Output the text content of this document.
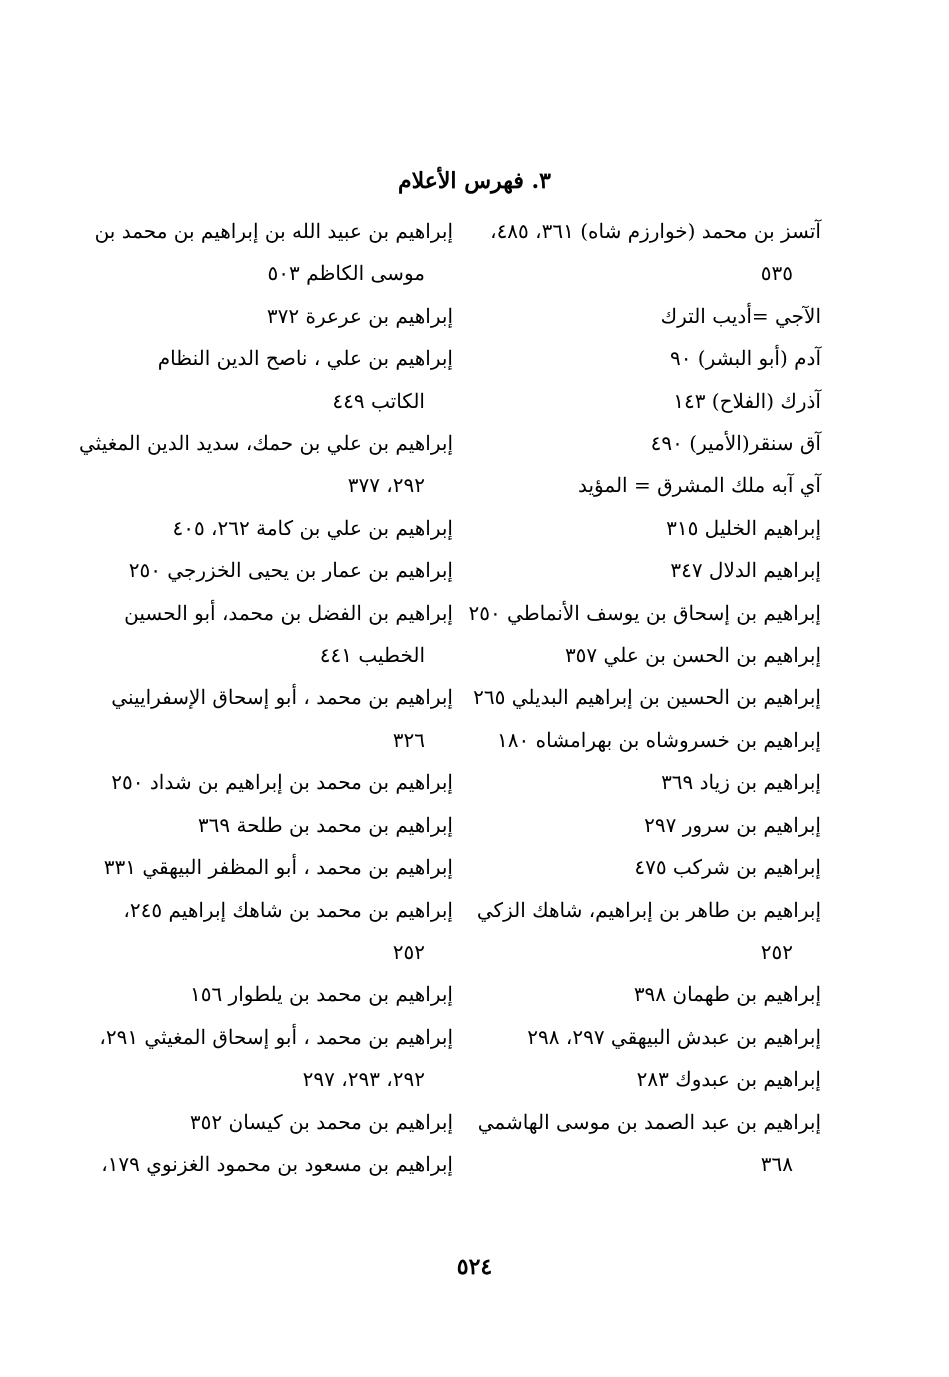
٣. فهرس الأعلام
آتسز بن محمد (خوارزم شاه) ٣٦١، ٤٨٥،
٥٣٥
الآجي =أديب الترك
آدم (أبو البشر) ٩٠
آذرك (الفلاح) ١٤٣
آق سنقر(الأمير) ٤٩٠
آي آبه ملك المشرق = المؤيد
إبراهيم الخليل ٣١٥
إبراهيم الدلال ٣٤٧
إبراهيم بن إسحاق بن يوسف الأنماطي ٢٥٠
إبراهيم بن الحسن بن علي ٣٥٧
إبراهيم بن الحسين بن إبراهيم البديلي ٢٦٥
إبراهيم بن خسروشاه بن بهرامشاه ١٨٠
إبراهيم بن زياد ٣٦٩
إبراهيم بن سرور ٢٩٧
إبراهيم بن شركب ٤٧٥
إبراهيم بن طاهر بن إبراهيم، شاهك الزكي
٢٥٢
إبراهيم بن طهمان ٣٩٨
إبراهيم بن عبدش البيهقي ٢٩٧، ٢٩٨
إبراهيم بن عبدوك ٢٨٣
إبراهيم بن عبد الصمد بن موسى الهاشمي
٣٦٨
إبراهيم بن عبيد الله بن إبراهيم بن محمد بن
موسى الكاظم ٥٠٣
إبراهيم بن عرعرة ٣٧٢
إبراهيم بن علي ، ناصح الدين النظام
الكاتب ٤٤٩
إبراهيم بن علي بن حمك، سديد الدين المغيثي
٢٩٢، ٣٧٧
إبراهيم بن علي بن كامة ٢٦٢، ٤٠٥
إبراهيم بن عمار بن يحيى الخزرجي ٢٥٠
إبراهيم بن الفضل بن محمد، أبو الحسين
الخطيب ٤٤١
إبراهيم بن محمد ، أبو إسحاق الإسفراييني
٣٢٦
إبراهيم بن محمد بن إبراهيم بن شداد ٢٥٠
إبراهيم بن محمد بن طلحة ٣٦٩
إبراهيم بن محمد ، أبو المظفر البيهقي ٣٣١
إبراهيم بن محمد بن شاهك إبراهيم ٢٤٥،
٢٥٢
إبراهيم بن محمد بن يلطوار ١٥٦
إبراهيم بن محمد ، أبو إسحاق المغيثي ٢٩١،
٢٩٢، ٢٩٣، ٢٩٧
إبراهيم بن محمد بن كيسان ٣٥٢
إبراهيم بن مسعود بن محمود الغزنوي ١٧٩،
٥٢٤
